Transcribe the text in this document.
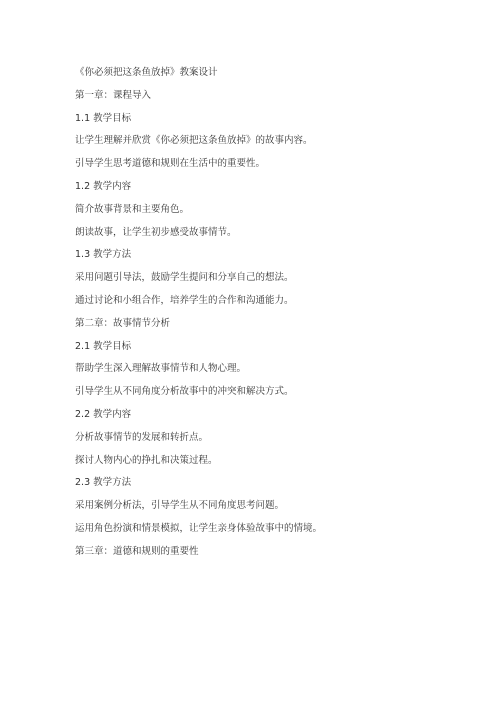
《你必须把这条鱼放掉》教案设计
第一章：课程导入
1.1 教学目标
让学生理解并欣赏《你必须把这条鱼放掉》的故事内容。
引导学生思考道德和规则在生活中的重要性。
1.2 教学内容
简介故事背景和主要角色。
朗读故事，让学生初步感受故事情节。
1.3 教学方法
采用问题引导法，鼓励学生提问和分享自己的想法。
通过讨论和小组合作，培养学生的合作和沟通能力。
第二章：故事情节分析
2.1 教学目标
帮助学生深入理解故事情节和人物心理。
引导学生从不同角度分析故事中的冲突和解决方式。
2.2 教学内容
分析故事情节的发展和转折点。
探讨人物内心的挣扎和决策过程。
2.3 教学方法
采用案例分析法，引导学生从不同角度思考问题。
运用角色扮演和情景模拟，让学生亲身体验故事中的情境。
第三章：道德和规则的重要性
